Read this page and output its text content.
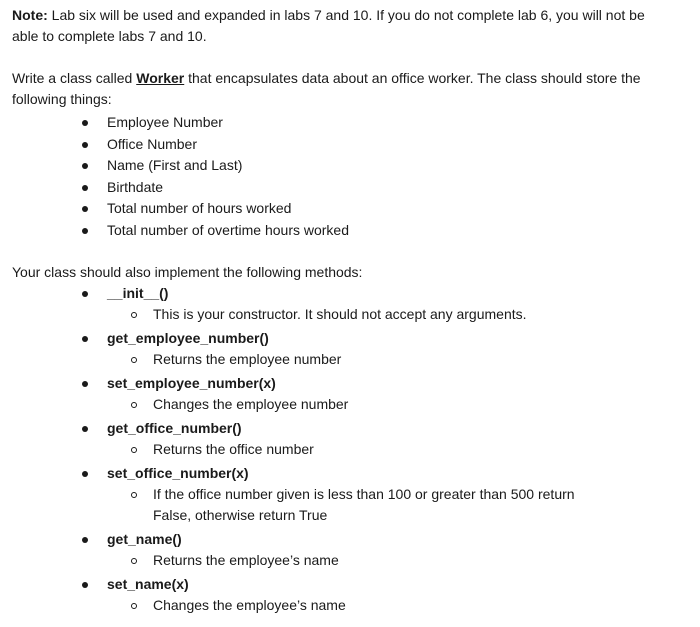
Note: Lab six will be used and expanded in labs 7 and 10. If you do not complete lab 6, you will not be able to complete labs 7 and 10.

Write a class called Worker that encapsulates data about an office worker. The class should store the following things:

Employee Number
Office Number
Name (First and Last)
Birthdate
Total number of hours worked
Total number of overtime hours worked

Your class should also implement the following methods:

__init__()
This is your constructor. It should not accept any arguments.
get_employee_number()
Returns the employee number
set_employee_number(x)
Changes the employee number
get_office_number()
Returns the office number
set_office_number(x)
If the office number given is less than 100 or greater than 500 return False, otherwise return True
get_name()
Returns the employee’s name
set_name(x)
Changes the employee’s name
